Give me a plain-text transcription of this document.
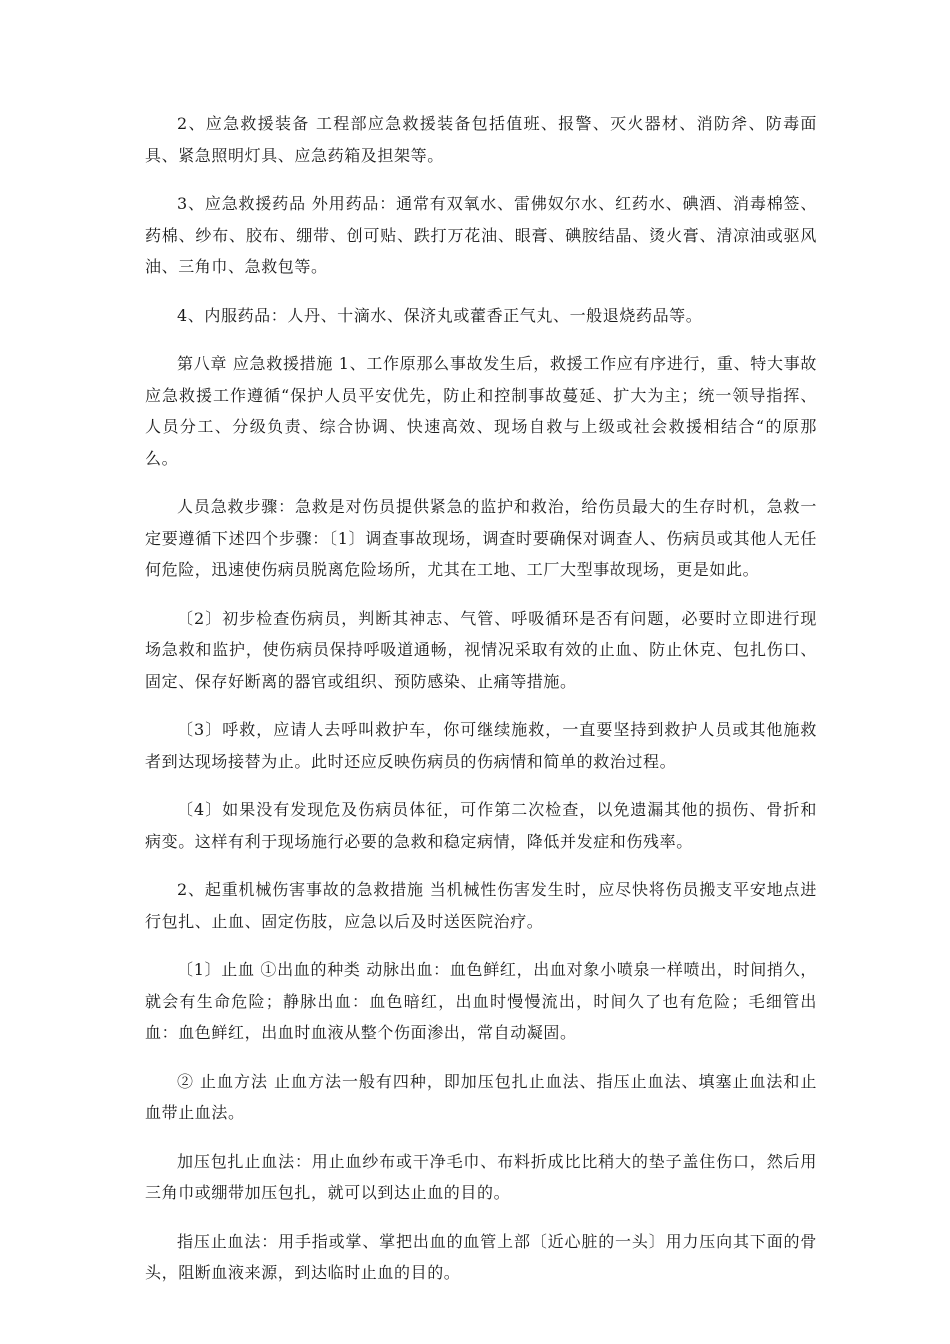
2、应急救援装备 工程部应急救援装备包括值班、报警、灭火器材、消防斧、防毒面具、紧急照明灯具、应急药箱及担架等。

3、应急救援药品 外用药品：通常有双氧水、雷佛奴尔水、红药水、碘酒、消毒棉签、药棉、纱布、胶布、绷带、创可贴、跌打万花油、眼膏、碘胺结晶、烫火膏、清凉油或驱风油、三角巾、急救包等。

4、内服药品：人丹、十滴水、保济丸或藿香正气丸、一般退烧药品等。

第八章 应急救援措施 1、工作原那么事故发生后，救援工作应有序进行，重、特大事故应急救援工作遵循“保护人员平安优先，防止和控制事故蔓延、扩大为主；统一领导指挥、人员分工、分级负责、综合协调、快速高效、现场自救与上级或社会救援相结合“的原那么。

人员急救步骤：急救是对伤员提供紧急的监护和救治，给伤员最大的生存时机，急救一定要遵循下述四个步骤：〔1〕调查事故现场，调查时要确保对调查人、伤病员或其他人无任何危险，迅速使伤病员脱离危险场所，尤其在工地、工厂大型事故现场，更是如此。

〔2〕初步检查伤病员，判断其神志、气管、呼吸循环是否有问题，必要时立即进行现场急救和监护，使伤病员保持呼吸道通畅，视情况采取有效的止血、防止休克、包扎伤口、固定、保存好断离的器官或组织、预防感染、止痛等措施。

〔3〕呼救，应请人去呼叫救护车，你可继续施救，一直要坚持到救护人员或其他施救者到达现场接替为止。此时还应反映伤病员的伤病情和简单的救治过程。

〔4〕如果没有发现危及伤病员体征，可作第二次检查，以免遗漏其他的损伤、骨折和病变。这样有利于现场施行必要的急救和稳定病情，降低并发症和伤残率。

2、起重机械伤害事故的急救措施 当机械性伤害发生时，应尽快将伤员搬支平安地点进行包扎、止血、固定伤肢，应急以后及时送医院治疗。

〔1〕止血 ①出血的种类 动脉出血：血色鲜红，出血对象小喷泉一样喷出，时间捎久，就会有生命危险；静脉出血：血色暗红，出血时慢慢流出，时间久了也有危险；毛细管出血：血色鲜红，出血时血液从整个伤面渗出，常自动凝固。

② 止血方法 止血方法一般有四种，即加压包扎止血法、指压止血法、填塞止血法和止血带止血法。

加压包扎止血法：用止血纱布或干净毛巾、布料折成比比稍大的垫子盖住伤口，然后用三角巾或绷带加压包扎，就可以到达止血的目的。

指压止血法：用手指或掌、掌把出血的血管上部〔近心脏的一头〕用力压向其下面的骨头，阻断血液来源，到达临时止血的目的。
